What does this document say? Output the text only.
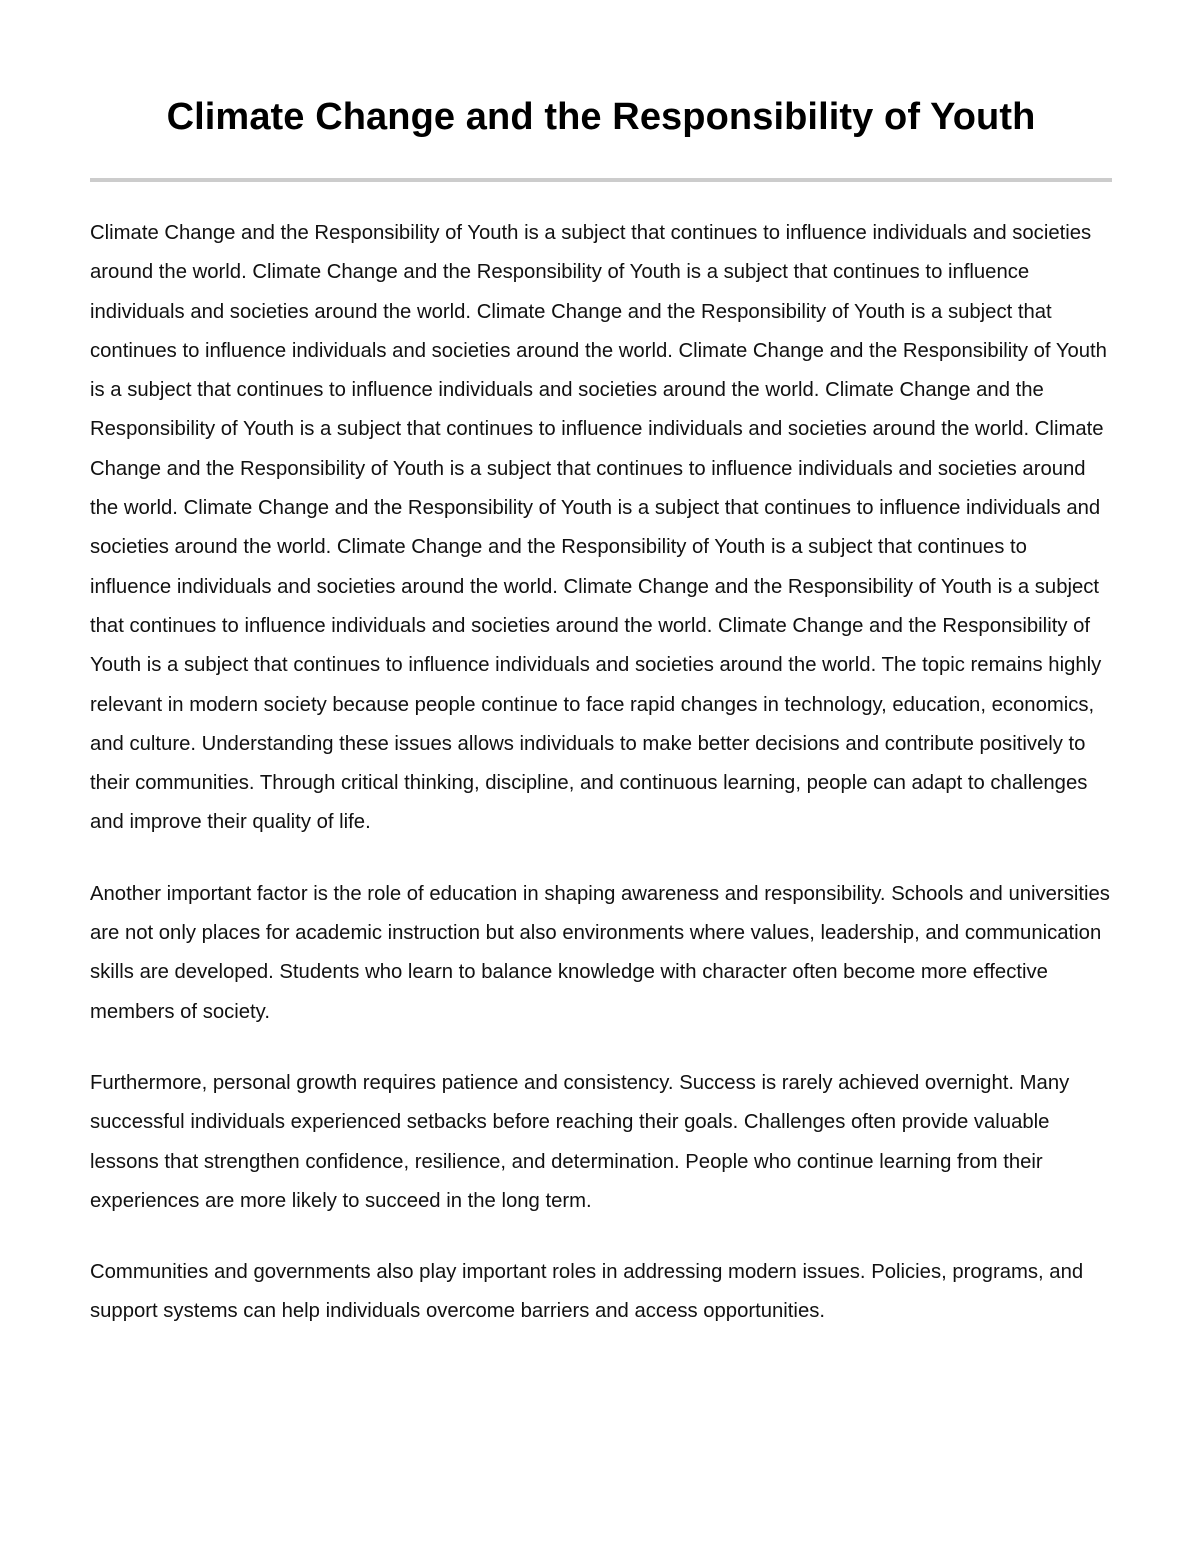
Climate Change and the Responsibility of Youth

Climate Change and the Responsibility of Youth is a subject that continues to influence individuals and societies around the world. Climate Change and the Responsibility of Youth is a subject that continues to influence individuals and societies around the world. Climate Change and the Responsibility of Youth is a subject that continues to influence individuals and societies around the world. Climate Change and the Responsibility of Youth is a subject that continues to influence individuals and societies around the world. Climate Change and the Responsibility of Youth is a subject that continues to influence individuals and societies around the world. Climate Change and the Responsibility of Youth is a subject that continues to influence individuals and societies around the world. Climate Change and the Responsibility of Youth is a subject that continues to influence individuals and societies around the world. Climate Change and the Responsibility of Youth is a subject that continues to influence individuals and societies around the world. Climate Change and the Responsibility of Youth is a subject that continues to influence individuals and societies around the world. Climate Change and the Responsibility of Youth is a subject that continues to influence individuals and societies around the world. The topic remains highly relevant in modern society because people continue to face rapid changes in technology, education, economics, and culture. Understanding these issues allows individuals to make better decisions and contribute positively to their communities. Through critical thinking, discipline, and continuous learning, people can adapt to challenges and improve their quality of life.

Another important factor is the role of education in shaping awareness and responsibility. Schools and universities are not only places for academic instruction but also environments where values, leadership, and communication skills are developed. Students who learn to balance knowledge with character often become more effective members of society.

Furthermore, personal growth requires patience and consistency. Success is rarely achieved overnight. Many successful individuals experienced setbacks before reaching their goals. Challenges often provide valuable lessons that strengthen confidence, resilience, and determination. People who continue learning from their experiences are more likely to succeed in the long term.

Communities and governments also play important roles in addressing modern issues. Policies, programs, and support systems can help individuals overcome barriers and access opportunities.
